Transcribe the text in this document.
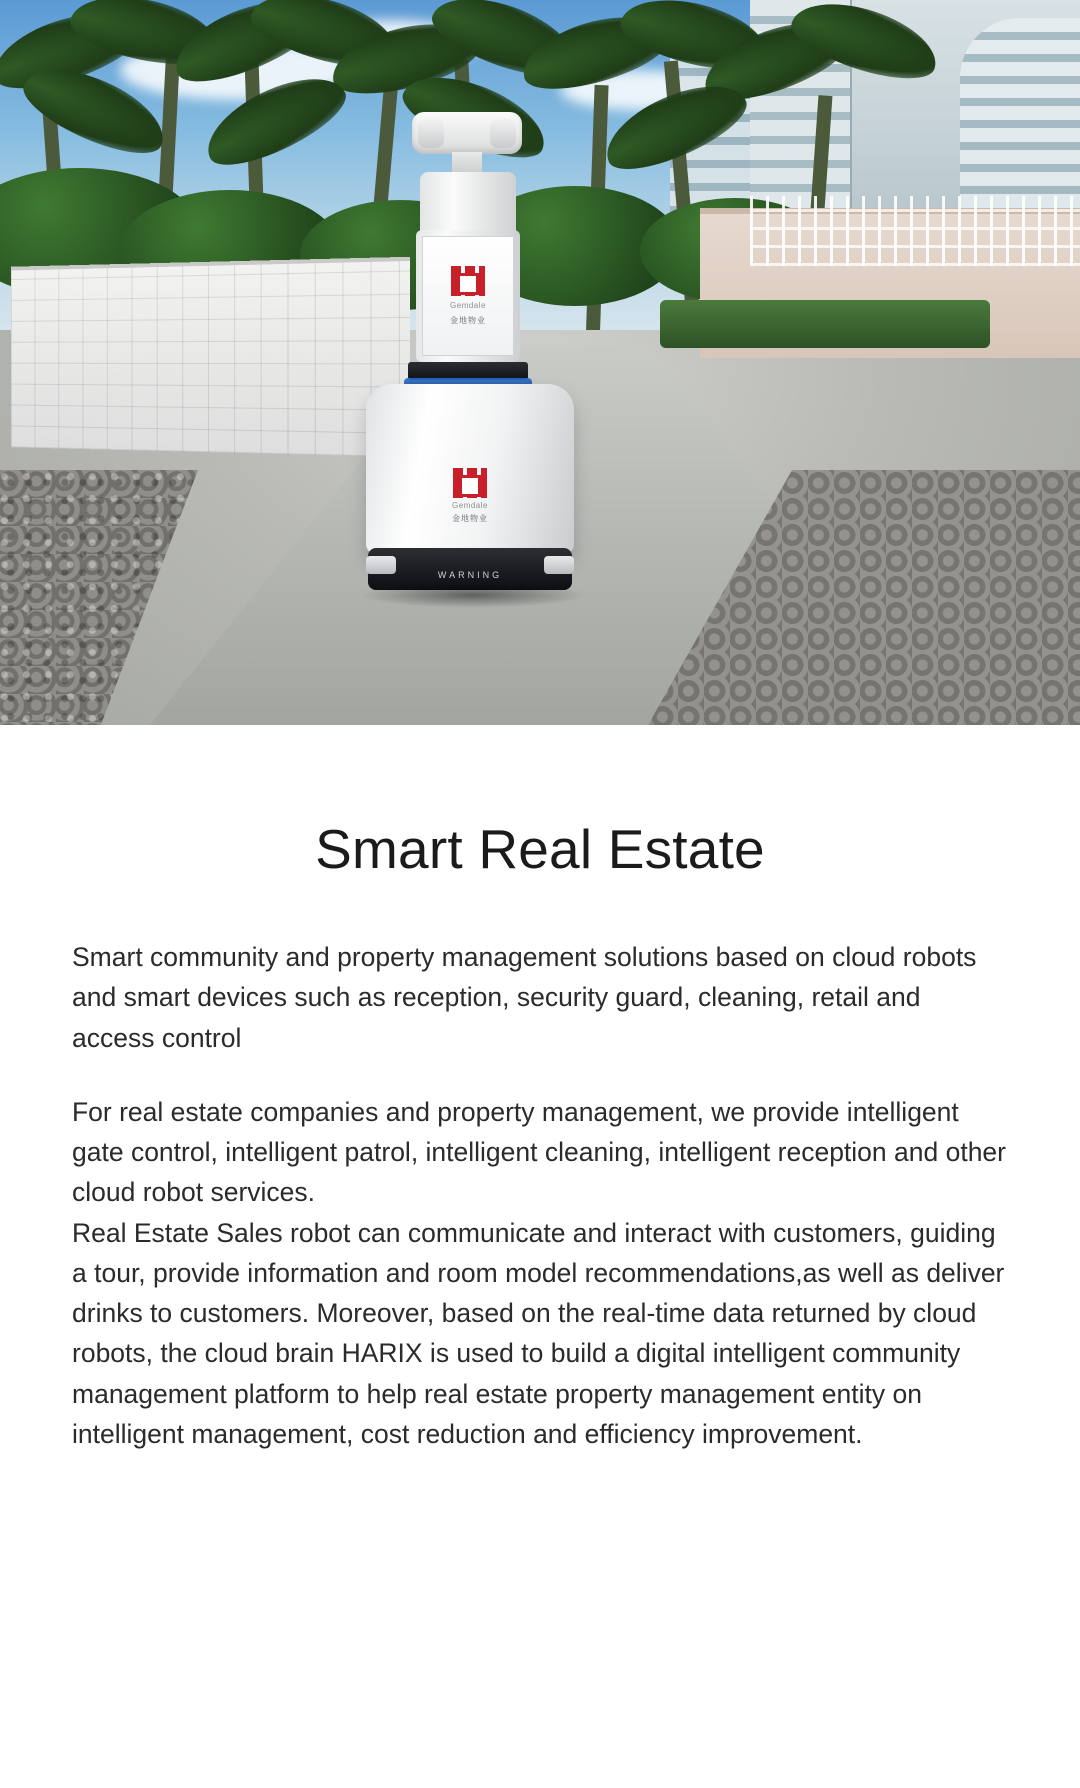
Gemdale
金地物业
Gemdale
金地物业
WARNING
Smart Real Estate

Smart community and property management solutions based on cloud robots and smart devices such as reception, security guard, cleaning, retail and access control

For real estate companies and property management, we provide intelligent gate control, intelligent patrol, intelligent cleaning, intelligent reception and other cloud robot services.

Real Estate Sales robot can communicate and interact with customers, guiding a tour, provide information and room model recommendations,as well as deliver drinks to customers. Moreover, based on the real-time data returned by cloud robots, the cloud brain HARIX is used to build a digital intelligent community management platform to help real estate property management entity on intelligent management, cost reduction and efficiency improvement.
